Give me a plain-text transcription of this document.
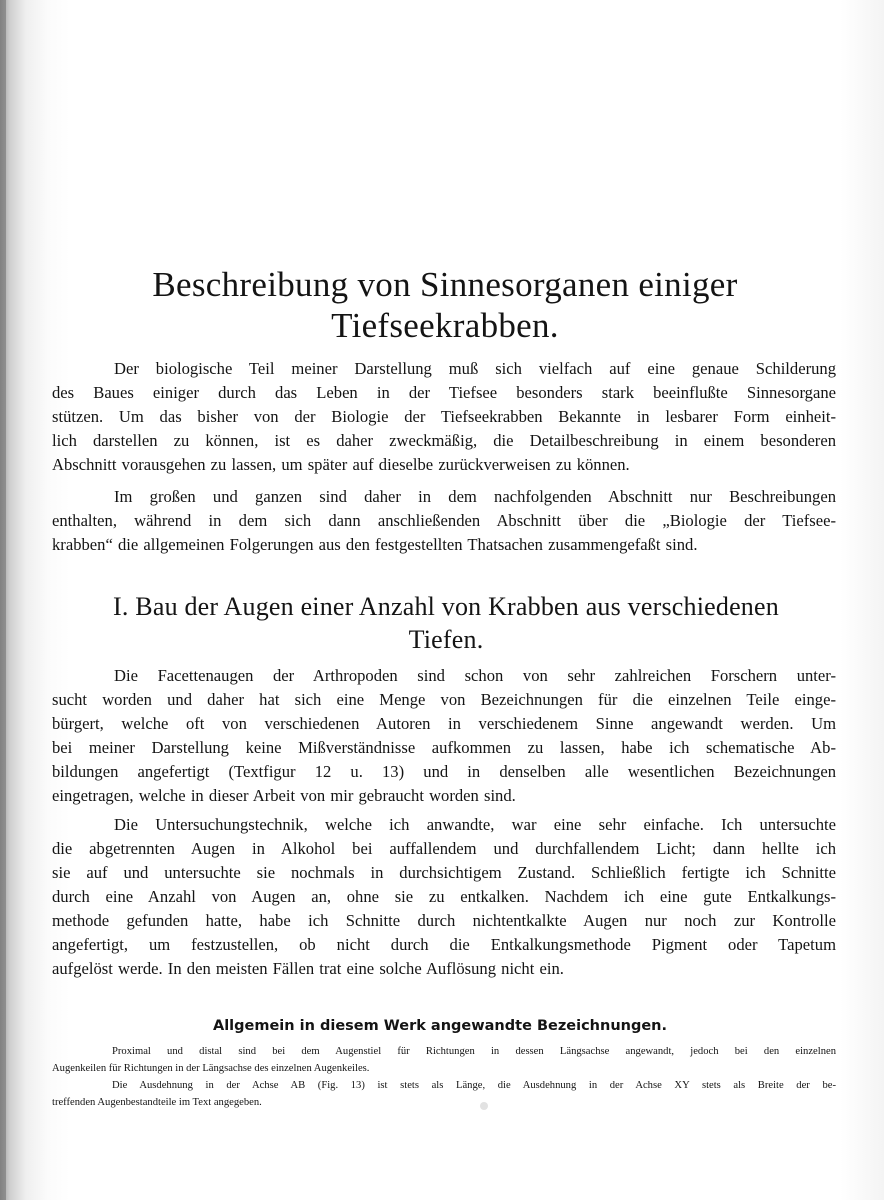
Beschreibung von Sinnesorganen einiger
Tiefseekrabben.

Der biologische Teil meiner Darstellung muß sich vielfach auf eine genaue Schilderung
des Baues einiger durch das Leben in der Tiefsee besonders stark beeinflußte Sinnesorgane
stützen. Um das bisher von der Biologie der Tiefseekrabben Bekannte in lesbarer Form einheit-
lich darstellen zu können, ist es daher zweckmäßig, die Detailbeschreibung in einem besonderen
Abschnitt vorausgehen zu lassen, um später auf dieselbe zurückverweisen zu können.

Im großen und ganzen sind daher in dem nachfolgenden Abschnitt nur Beschreibungen
enthalten, während in dem sich dann anschließenden Abschnitt über die „Biologie der Tiefsee-
krabben“ die allgemeinen Folgerungen aus den festgestellten Thatsachen zusammengefaßt sind.

I. Bau der Augen einer Anzahl von Krabben aus verschiedenen
Tiefen.

Die Facettenaugen der Arthropoden sind schon von sehr zahlreichen Forschern unter-
sucht worden und daher hat sich eine Menge von Bezeichnungen für die einzelnen Teile einge-
bürgert, welche oft von verschiedenen Autoren in verschiedenem Sinne angewandt werden. Um
bei meiner Darstellung keine Mißverständnisse aufkommen zu lassen, habe ich schematische Ab-
bildungen angefertigt (Textfigur 12 u. 13) und in denselben alle wesentlichen Bezeichnungen
eingetragen, welche in dieser Arbeit von mir gebraucht worden sind.

Die Untersuchungstechnik, welche ich anwandte, war eine sehr einfache. Ich untersuchte
die abgetrennten Augen in Alkohol bei auffallendem und durchfallendem Licht; dann hellte ich
sie auf und untersuchte sie nochmals in durchsichtigem Zustand. Schließlich fertigte ich Schnitte
durch eine Anzahl von Augen an, ohne sie zu entkalken. Nachdem ich eine gute Entkalkungs-
methode gefunden hatte, habe ich Schnitte durch nichtentkalkte Augen nur noch zur Kontrolle
angefertigt, um festzustellen, ob nicht durch die Entkalkungsmethode Pigment oder Tapetum
aufgelöst werde. In den meisten Fällen trat eine solche Auflösung nicht ein.

Allgemein in diesem Werk angewandte Bezeichnungen.

Proximal und distal sind bei dem Augenstiel für Richtungen in dessen Längsachse angewandt, jedoch bei den einzelnen
Augenkeilen für Richtungen in der Längsachse des einzelnen Augenkeiles.
Die Ausdehnung in der Achse AB (Fig. 13) ist stets als Länge, die Ausdehnung in der Achse XY stets als Breite der be-
treffenden Augenbestandteile im Text angegeben.
